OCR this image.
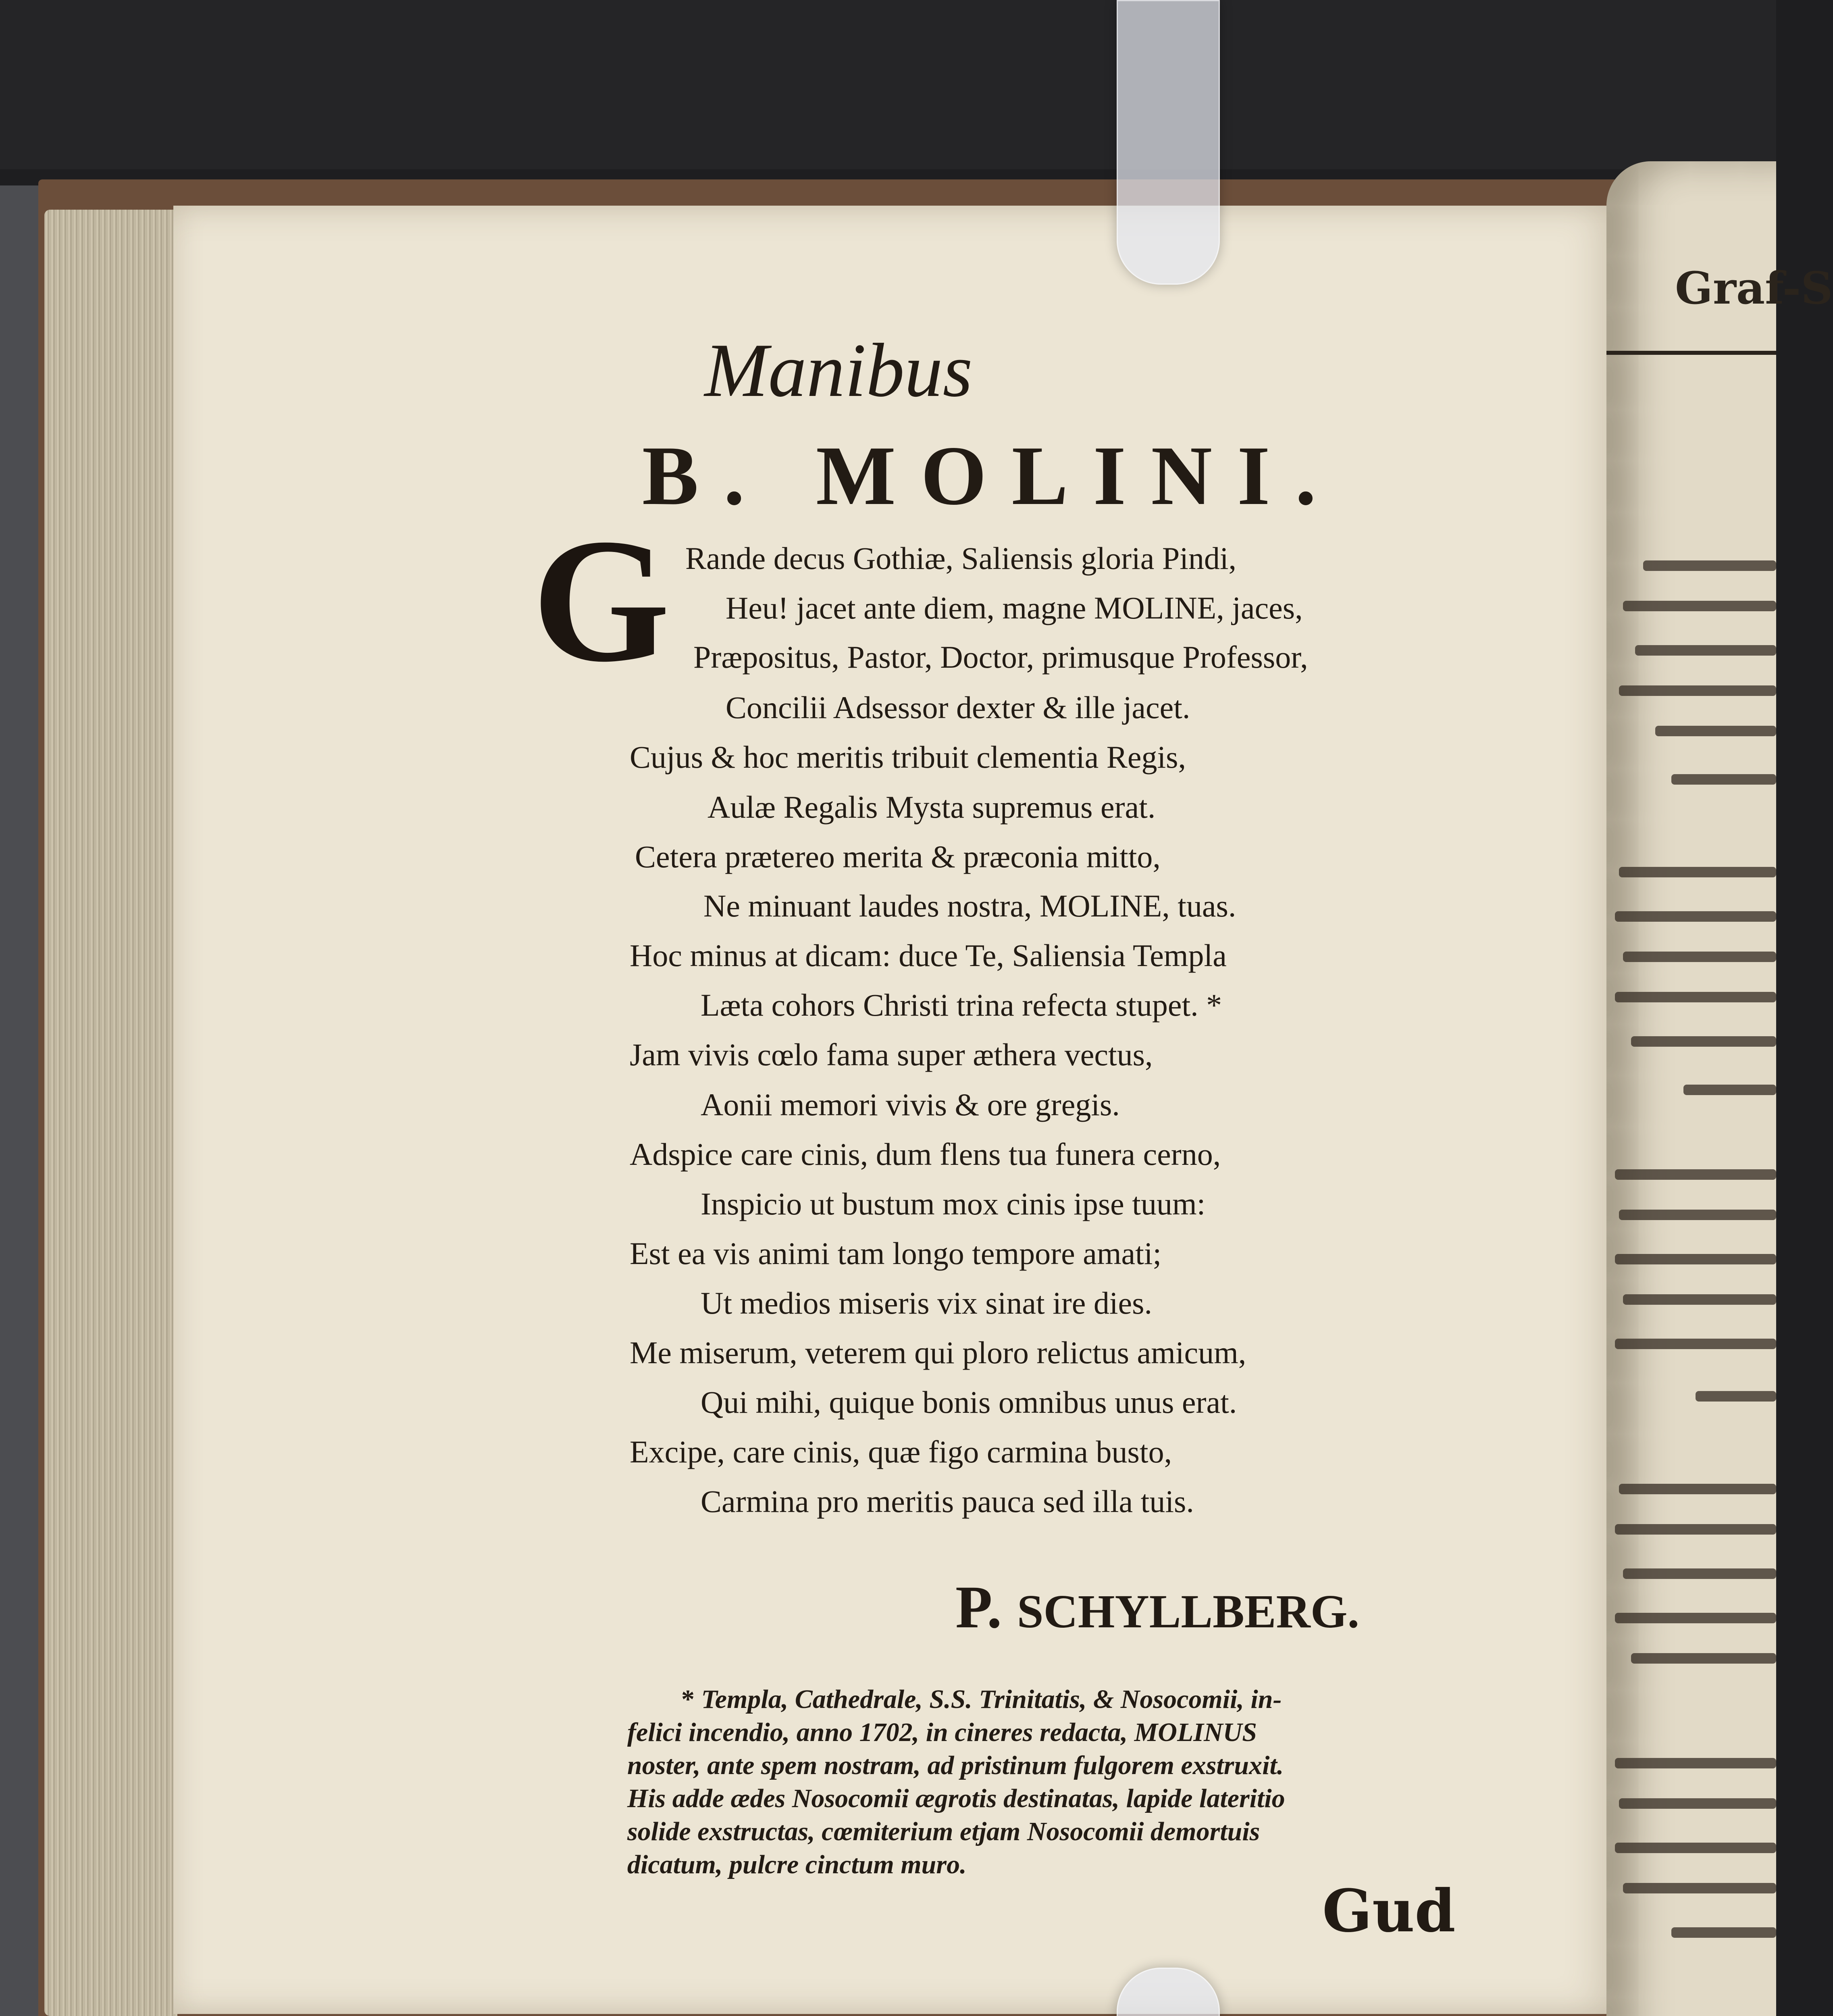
Graf-S
Manibus
B. MOLINI.
G Rande decus Gothiæ, Saliensis gloria Pindi,
Heu! jacet ante diem, magne MOLINE, jaces,
Præpositus, Pastor, Doctor, primusque Professor,
Concilii Adsessor dexter & ille jacet.
Cujus & hoc meritis tribuit clementia Regis,
Aulæ Regalis Mysta supremus erat.
Cetera prætereo merita & præconia mitto,
Ne minuant laudes nostra, MOLINE, tuas.
Hoc minus at dicam: duce Te, Saliensia Templa
Læta cohors Christi trina refecta stupet. *
Jam vivis cœlo fama super æthera vectus,
Aonii memori vivis & ore gregis.
Adspice care cinis, dum flens tua funera cerno,
Inspicio ut bustum mox cinis ipse tuum:
Est ea vis animi tam longo tempore amati;
Ut medios miseris vix sinat ire dies.
Me miserum, veterem qui ploro relictus amicum,
Qui mihi, quique bonis omnibus unus erat.
Excipe, care cinis, quæ figo carmina busto,
Carmina pro meritis pauca sed illa tuis.
P. SCHYLLBERG.
* Templa, Cathedrale, S.S. Trinitatis, & Nosocomii, in-
felici incendio, anno 1702, in cineres redacta, MOLINUS
noster, ante spem nostram, ad pristinum fulgorem exstruxit.
His adde ædes Nosocomii ægrotis destinatas, lapide lateritio
solide exstructas, cœmiterium etjam Nosocomii demortuis
dicatum, pulcre cinctum muro.
Gud
